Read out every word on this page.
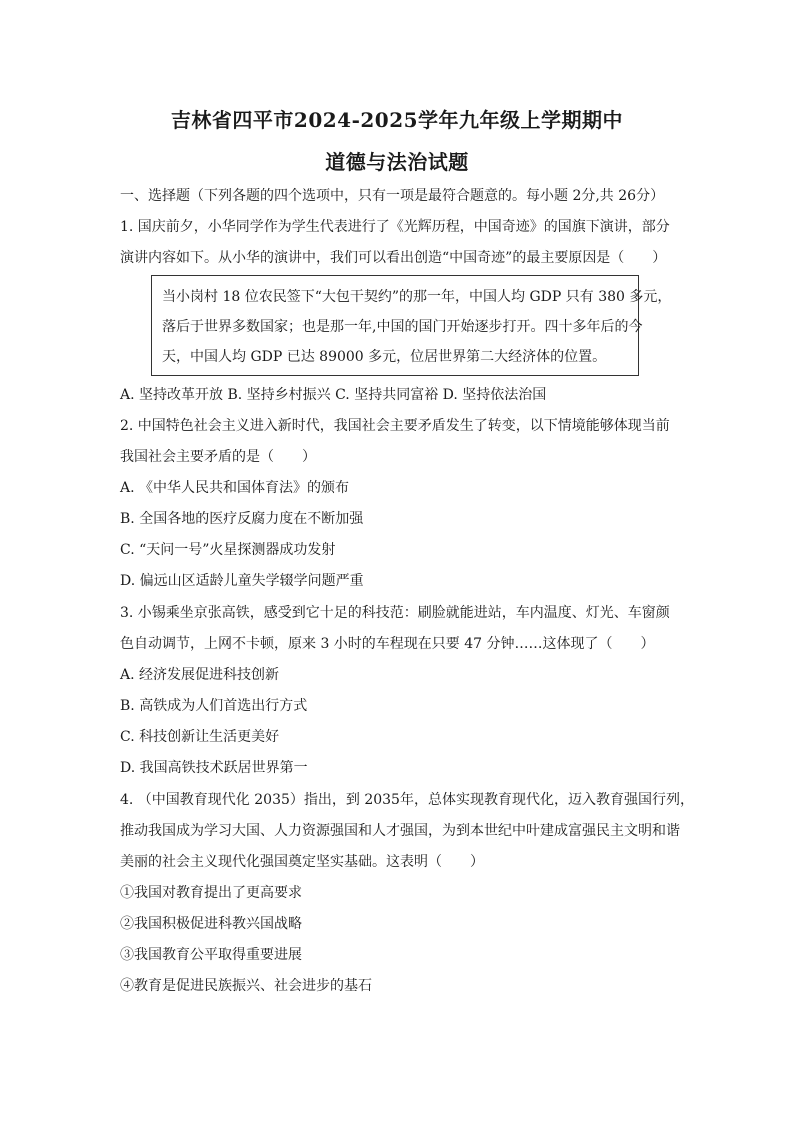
吉林省四平市2024-2025学年九年级上学期期中
道德与法治试题
一、选择题（下列各题的四个选项中，只有一项是最符合题意的。每小题 2分,共 26分）
1. 国庆前夕，小华同学作为学生代表进行了《光辉历程，中国奇迹》的国旗下演讲，部分
演讲内容如下。从小华的演讲中，我们可以看出创造“中国奇迹”的最主要原因是（　　）
当小岗村 18 位农民签下“大包干契约”的那一年，中国人均 GDP 只有 380 多元，
落后于世界多数国家；也是那一年,中国的国门开始逐步打开。四十多年后的今
天，中国人均 GDP 已达 89000 多元，位居世界第二大经济体的位置。
A. 坚持改革开放 B. 坚持乡村振兴 C. 坚持共同富裕 D. 坚持依法治国
2. 中国特色社会主义进入新时代，我国社会主要矛盾发生了转变，以下情境能够体现当前
我国社会主要矛盾的是（　　）
A. 《中华人民共和国体育法》的颁布
B. 全国各地的医疗反腐力度在不断加强
C. “天问一号”火星探测器成功发射
D. 偏远山区适龄儿童失学辍学问题严重
3. 小锡乘坐京张高铁，感受到它十足的科技范：刷脸就能进站，车内温度、灯光、车窗颜
色自动调节，上网不卡顿，原来 3 小时的车程现在只要 47 分钟……这体现了（　　）
A. 经济发展促进科技创新
B. 高铁成为人们首选出行方式
C. 科技创新让生活更美好
D. 我国高铁技术跃居世界第一
4. （中国教育现代化 2035）指出，到 2035年，总体实现教育现代化，迈入教育强国行列，
推动我国成为学习大国、人力资源强国和人才强国，为到本世纪中叶建成富强民主文明和谐
美丽的社会主义现代化强国奠定坚实基础。这表明（　　）
①我国对教育提出了更高要求
②我国积极促进科教兴国战略
③我国教育公平取得重要进展
④教育是促进民族振兴、社会进步的基石
